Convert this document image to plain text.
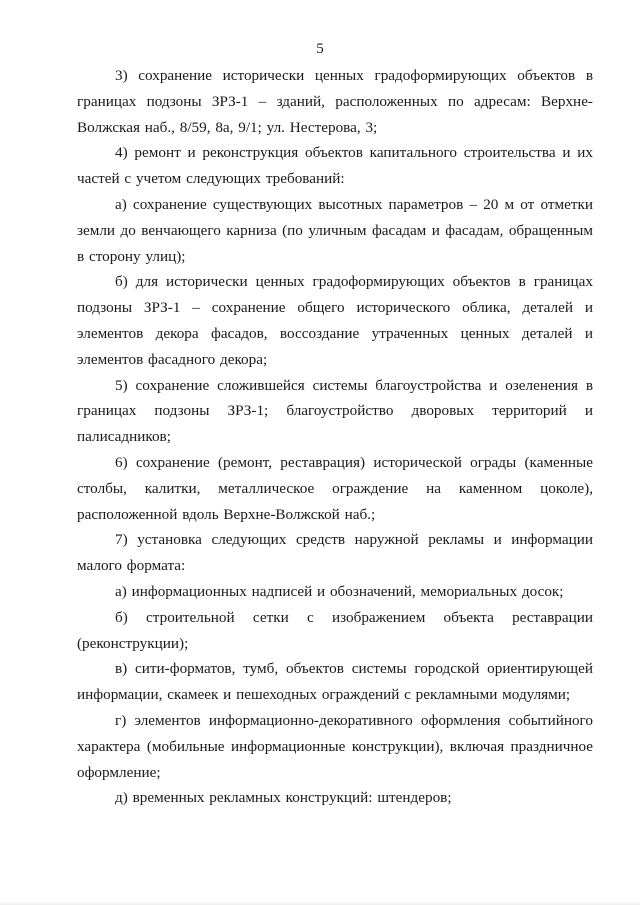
5

3) сохранение исторически ценных градоформирующих объектов в границах подзоны ЗРЗ-1 – зданий, расположенных по адресам: Верхне-Волжская наб., 8/59, 8а, 9/1; ул. Нестерова, 3;

4) ремонт и реконструкция объектов капитального строительства и их частей с учетом следующих требований:

а) сохранение существующих высотных параметров – 20 м от отметки земли до венчающего карниза (по уличным фасадам и фасадам, обращенным в сторону улиц);

б) для исторически ценных градоформирующих объектов в границах подзоны ЗРЗ-1 – сохранение общего исторического облика, деталей и элементов декора фасадов, воссоздание утраченных ценных деталей и элементов фасадного декора;

5) сохранение сложившейся системы благоустройства и озеленения в границах подзоны ЗРЗ-1; благоустройство дворовых территорий и палисадников;

6) сохранение (ремонт, реставрация) исторической ограды (каменные столбы, калитки, металлическое ограждение на каменном цоколе), расположенной вдоль Верхне-Волжской наб.;

7) установка следующих средств наружной рекламы и информации малого формата:

а) информационных надписей и обозначений, мемориальных досок;

б) строительной сетки с изображением объекта реставрации (реконструкции);

в) сити-форматов, тумб, объектов системы городской ориентирующей информации, скамеек и пешеходных ограждений с рекламными модулями;

г) элементов информационно-декоративного оформления событийного характера (мобильные информационные конструкции), включая праздничное оформление;

д) временных рекламных конструкций: штендеров;
